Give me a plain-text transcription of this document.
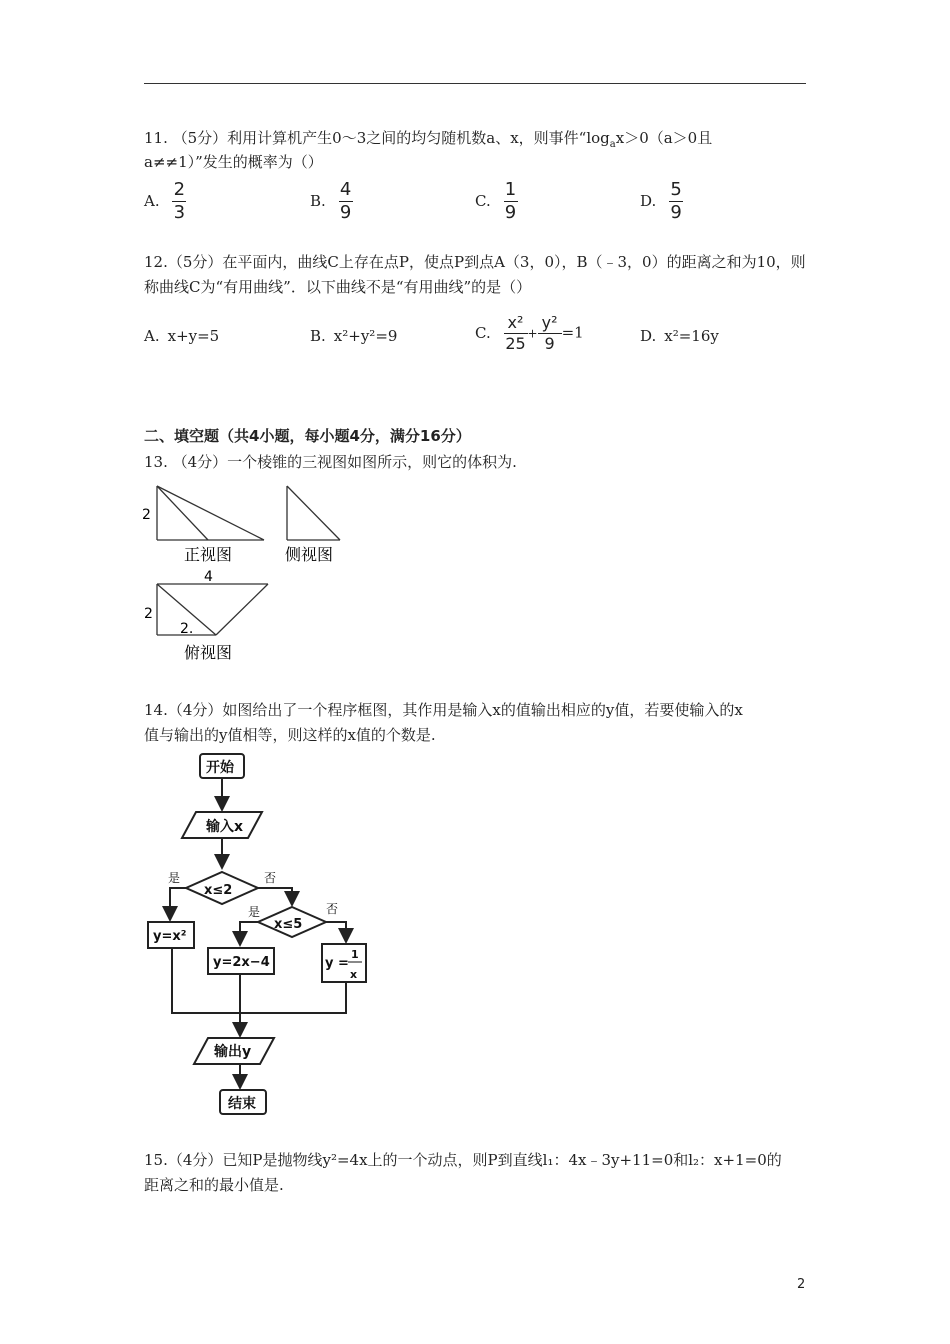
11. （5分）利用计算机产生0～3之间的均匀随机数a、x，则事件“$\log_ax>0(a>0$且
a≠≠1）”发生的概率为（）
A. $\frac{2}{3}$	B. $\frac{4}{9}$	C. $\frac{1}{9}$	D. $\frac{5}{9}$
12.（5分）在平面内，曲线C上存在点P，使点P到点A（3，0），B（﹣3，0）的距离之和为10，则
称曲线C为“有用曲线”．以下曲线不是“有用曲线”的是（）
A. x+y=5	B. x²+y²=9	C. $\frac{\text{x²}}{25} + \frac{\text{y²}}{9} =1$	D. x²=16y
二、填空题（共4小题，每小题4分，满分16分）
13. （4分）一个棱锥的三视图如图所示，则它的体积为.
2
正视图	侧视图
4
2
2.
俯视图
14.（4分）如图给出了一个程序框图，其作用是输入x的值输出相应的y值，若要使输入的x
值与输出的y值相等，则这样的x值的个数是.
开始
输入x
x≤2
x≤5
y=x²
y=2x−4	y =
1
x
输出y
结束
是	否
是	否
15.（4分）已知P是抛物线y²=4x上的一个动点，则P到直线l₁：4x﹣3y+11=0和l₂：x+1=0的
距离之和的最小值是.
2
